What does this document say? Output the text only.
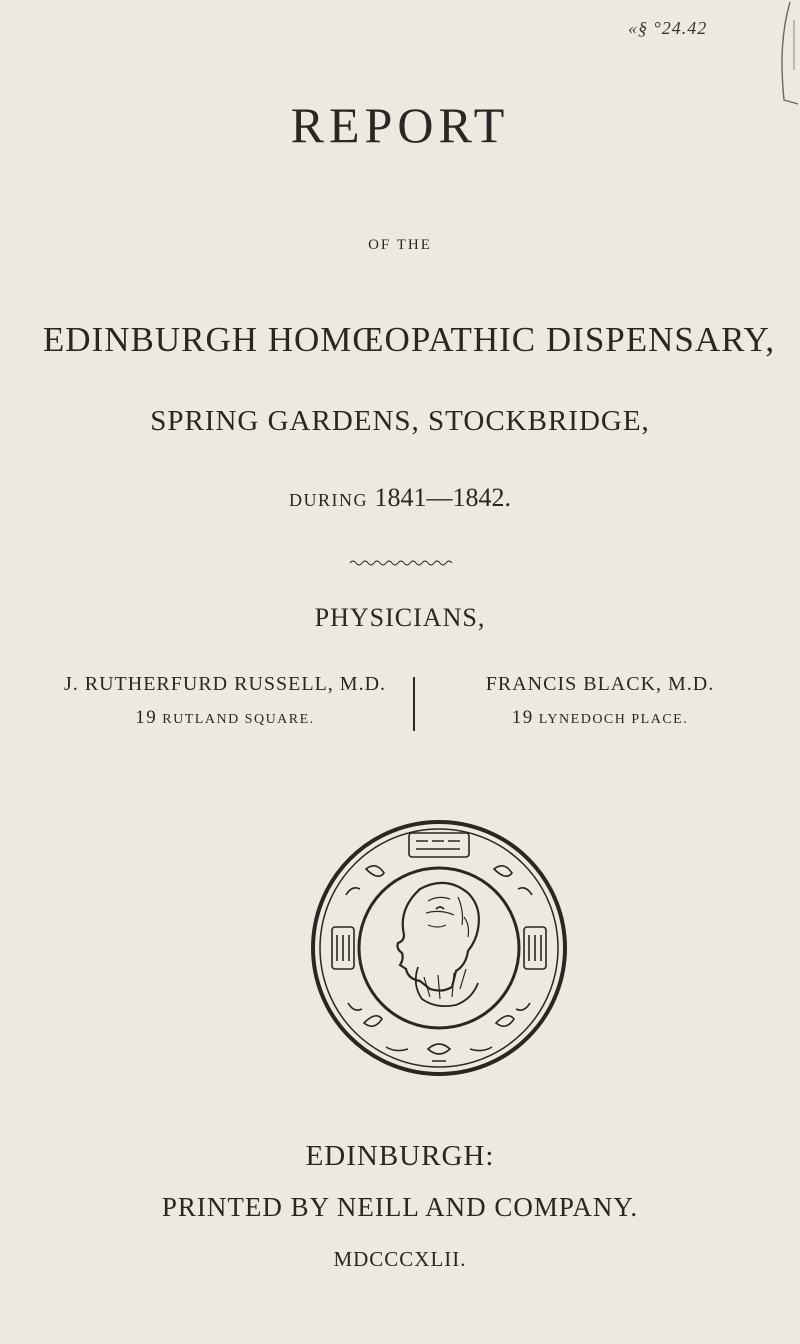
«§ °24.42
REPORT
OF THE
EDINBURGH HOMŒOPATHIC DISPENSARY,
SPRING GARDENS, STOCKBRIDGE,
DURING 1841—1842.
PHYSICIANS,
J. RUTHERFURD RUSSELL, M.D.
19 RUTLAND SQUARE.
FRANCIS BLACK, M.D.
19 LYNEDOCH PLACE.
EDINBURGH:
PRINTED BY NEILL AND COMPANY.
MDCCCXLII.
